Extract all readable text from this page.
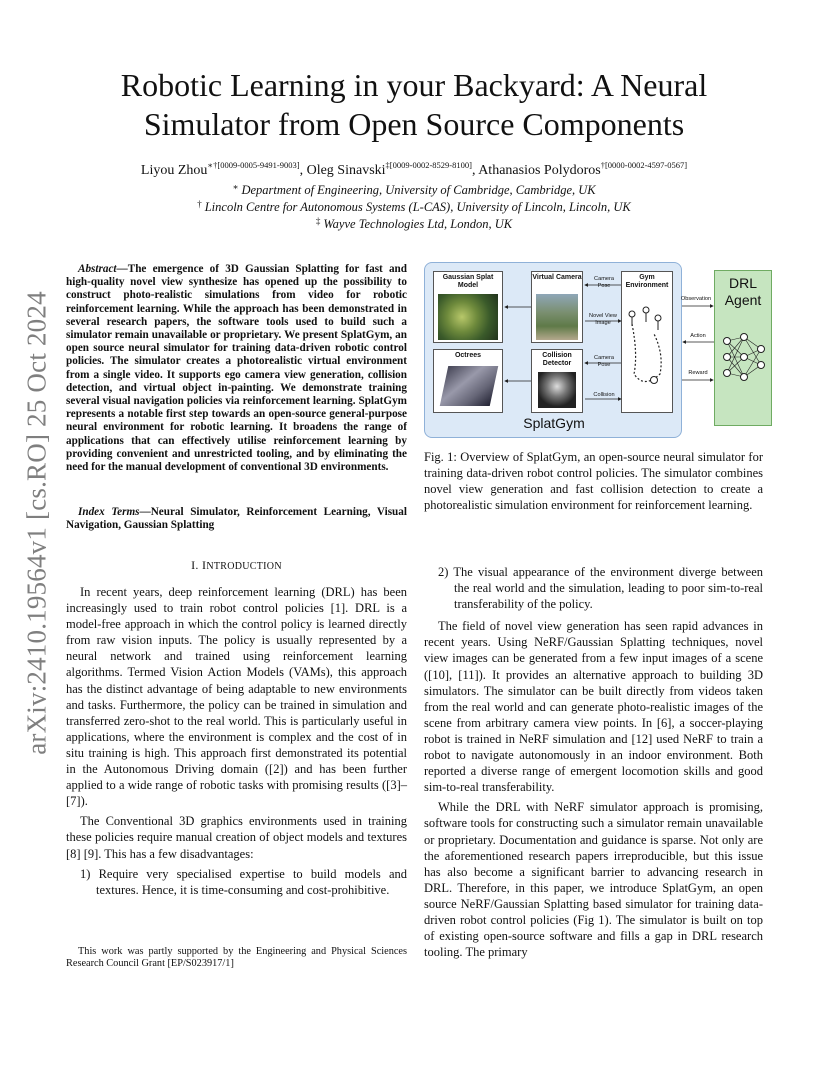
arXiv:2410.19564v1 [cs.RO] 25 Oct 2024
Robotic Learning in your Backyard: A Neural
Simulator from Open Source Components
Liyou Zhou$^{∗\dagger[0009-0005-9491-9003]}$, Oleg Sinavski$^{\ddagger[0009-0002-8529-8100]}$, Athanasios Polydoros$^{\dagger[0000-0002-4597-0567]}$
∗ Department of Engineering, University of Cambridge, Cambridge, UK
† Lincoln Centre for Autonomous Systems (L-CAS), University of Lincoln, Lincoln, UK
‡ Wayve Technologies Ltd, London, UK
Abstract—The emergence of 3D Gaussian Splatting for fast and high-quality novel view synthesize has opened up the possibility to construct photo-realistic simulations from video for robotic reinforcement learning. While the approach has been demonstrated in several research papers, the software tools used to build such a simulator remain unavailable or proprietary. We present SplatGym, an open source neural simulator for training data-driven robotic control policies. The simulator creates a photorealistic virtual environment from a single video. It supports ego camera view generation, collision detection, and virtual object in-painting. We demonstrate training several visual navigation policies via reinforcement learning. SplatGym represents a notable first step towards an open-source general-purpose neural environment for robotic learning. It broadens the range of applications that can effectively utilise reinforcement learning by providing convenient and unrestricted tooling, and by eliminating the need for the manual development of conventional 3D environments.
Index Terms—Neural Simulator, Reinforcement Learning, Visual Navigation, Gaussian Splatting
I. INTRODUCTION

In recent years, deep reinforcement learning (DRL) has been increasingly used to train robot control policies [1]. DRL is a model-free approach in which the control policy is learned directly from raw vision inputs. The policy is usually represented by a neural network and trained using reinforcement learning algorithms. Termed Vision Action Models (VAMs), this approach has the distinct advantage of being adaptable to new environments and tasks. Furthermore, the policy can be trained in simulation and transferred zero-shot to the real world. This is particularly useful in applications, where the environment is complex and the cost of in situ training is high. This approach first demonstrated its potential in the Autonomous Driving domain ([2]) and has been further applied to a wide range of robotic tasks with promising results ([3]–[7]).

The Conventional 3D graphics environments used in training these policies require manual creation of object models and textures [8] [9]. This has a few disadvantages:

1) Require very specialised expertise to build models and textures. Hence, it is time-consuming and cost-prohibitive.

This work was partly supported by the Engineering and Physical Sciences Research Council Grant [EP/S023917/1]
Gaussian Splat Model
Virtual Camera	Gym Environment
Octrees	Collision Detector
Camera Pose
Novel View Image
Camera Pose
Collision
SplatGym
Observation
Action
Reward
DRL
Agent
Fig. 1: Overview of SplatGym, an open-source neural simulator for training data-driven robot control policies. The simulator combines novel view generation and fast collision detection to create a photorealistic simulation environment for reinforcement learning.

2) The visual appearance of the environment diverge between the real world and the simulation, leading to poor sim-to-real transferability of the policy.

The field of novel view generation has seen rapid advances in recent years. Using NeRF/Gaussian Splatting techniques, novel view images can be generated from a few input images of a scene ([10], [11]). It provides an alternative approach to building 3D simulators. The simulator can be built directly from videos taken from the real world and can generate photo-realistic images of the scene from arbitrary camera view points. In [6], a soccer-playing robot is trained in NeRF simulation and [12] used NeRF to train a robot to navigate autonomously in an indoor environment. Both reported a diverse range of emergent locomotion skills and good sim-to-real transferability.

While the DRL with NeRF simulator approach is promising, software tools for constructing such a simulator remain unavailable or proprietary. Documentation and guidance is sparse. Not only are the aforementioned research papers irreproducible, but this issue has also become a significant barrier to advancing research in DRL. Therefore, in this paper, we introduce SplatGym, an open source NeRF/Gaussian Splatting based simulator for training data-driven robot control policies (Fig 1). The simulator is built on top of existing open-source software and fills a gap in DRL research tooling. The primary
